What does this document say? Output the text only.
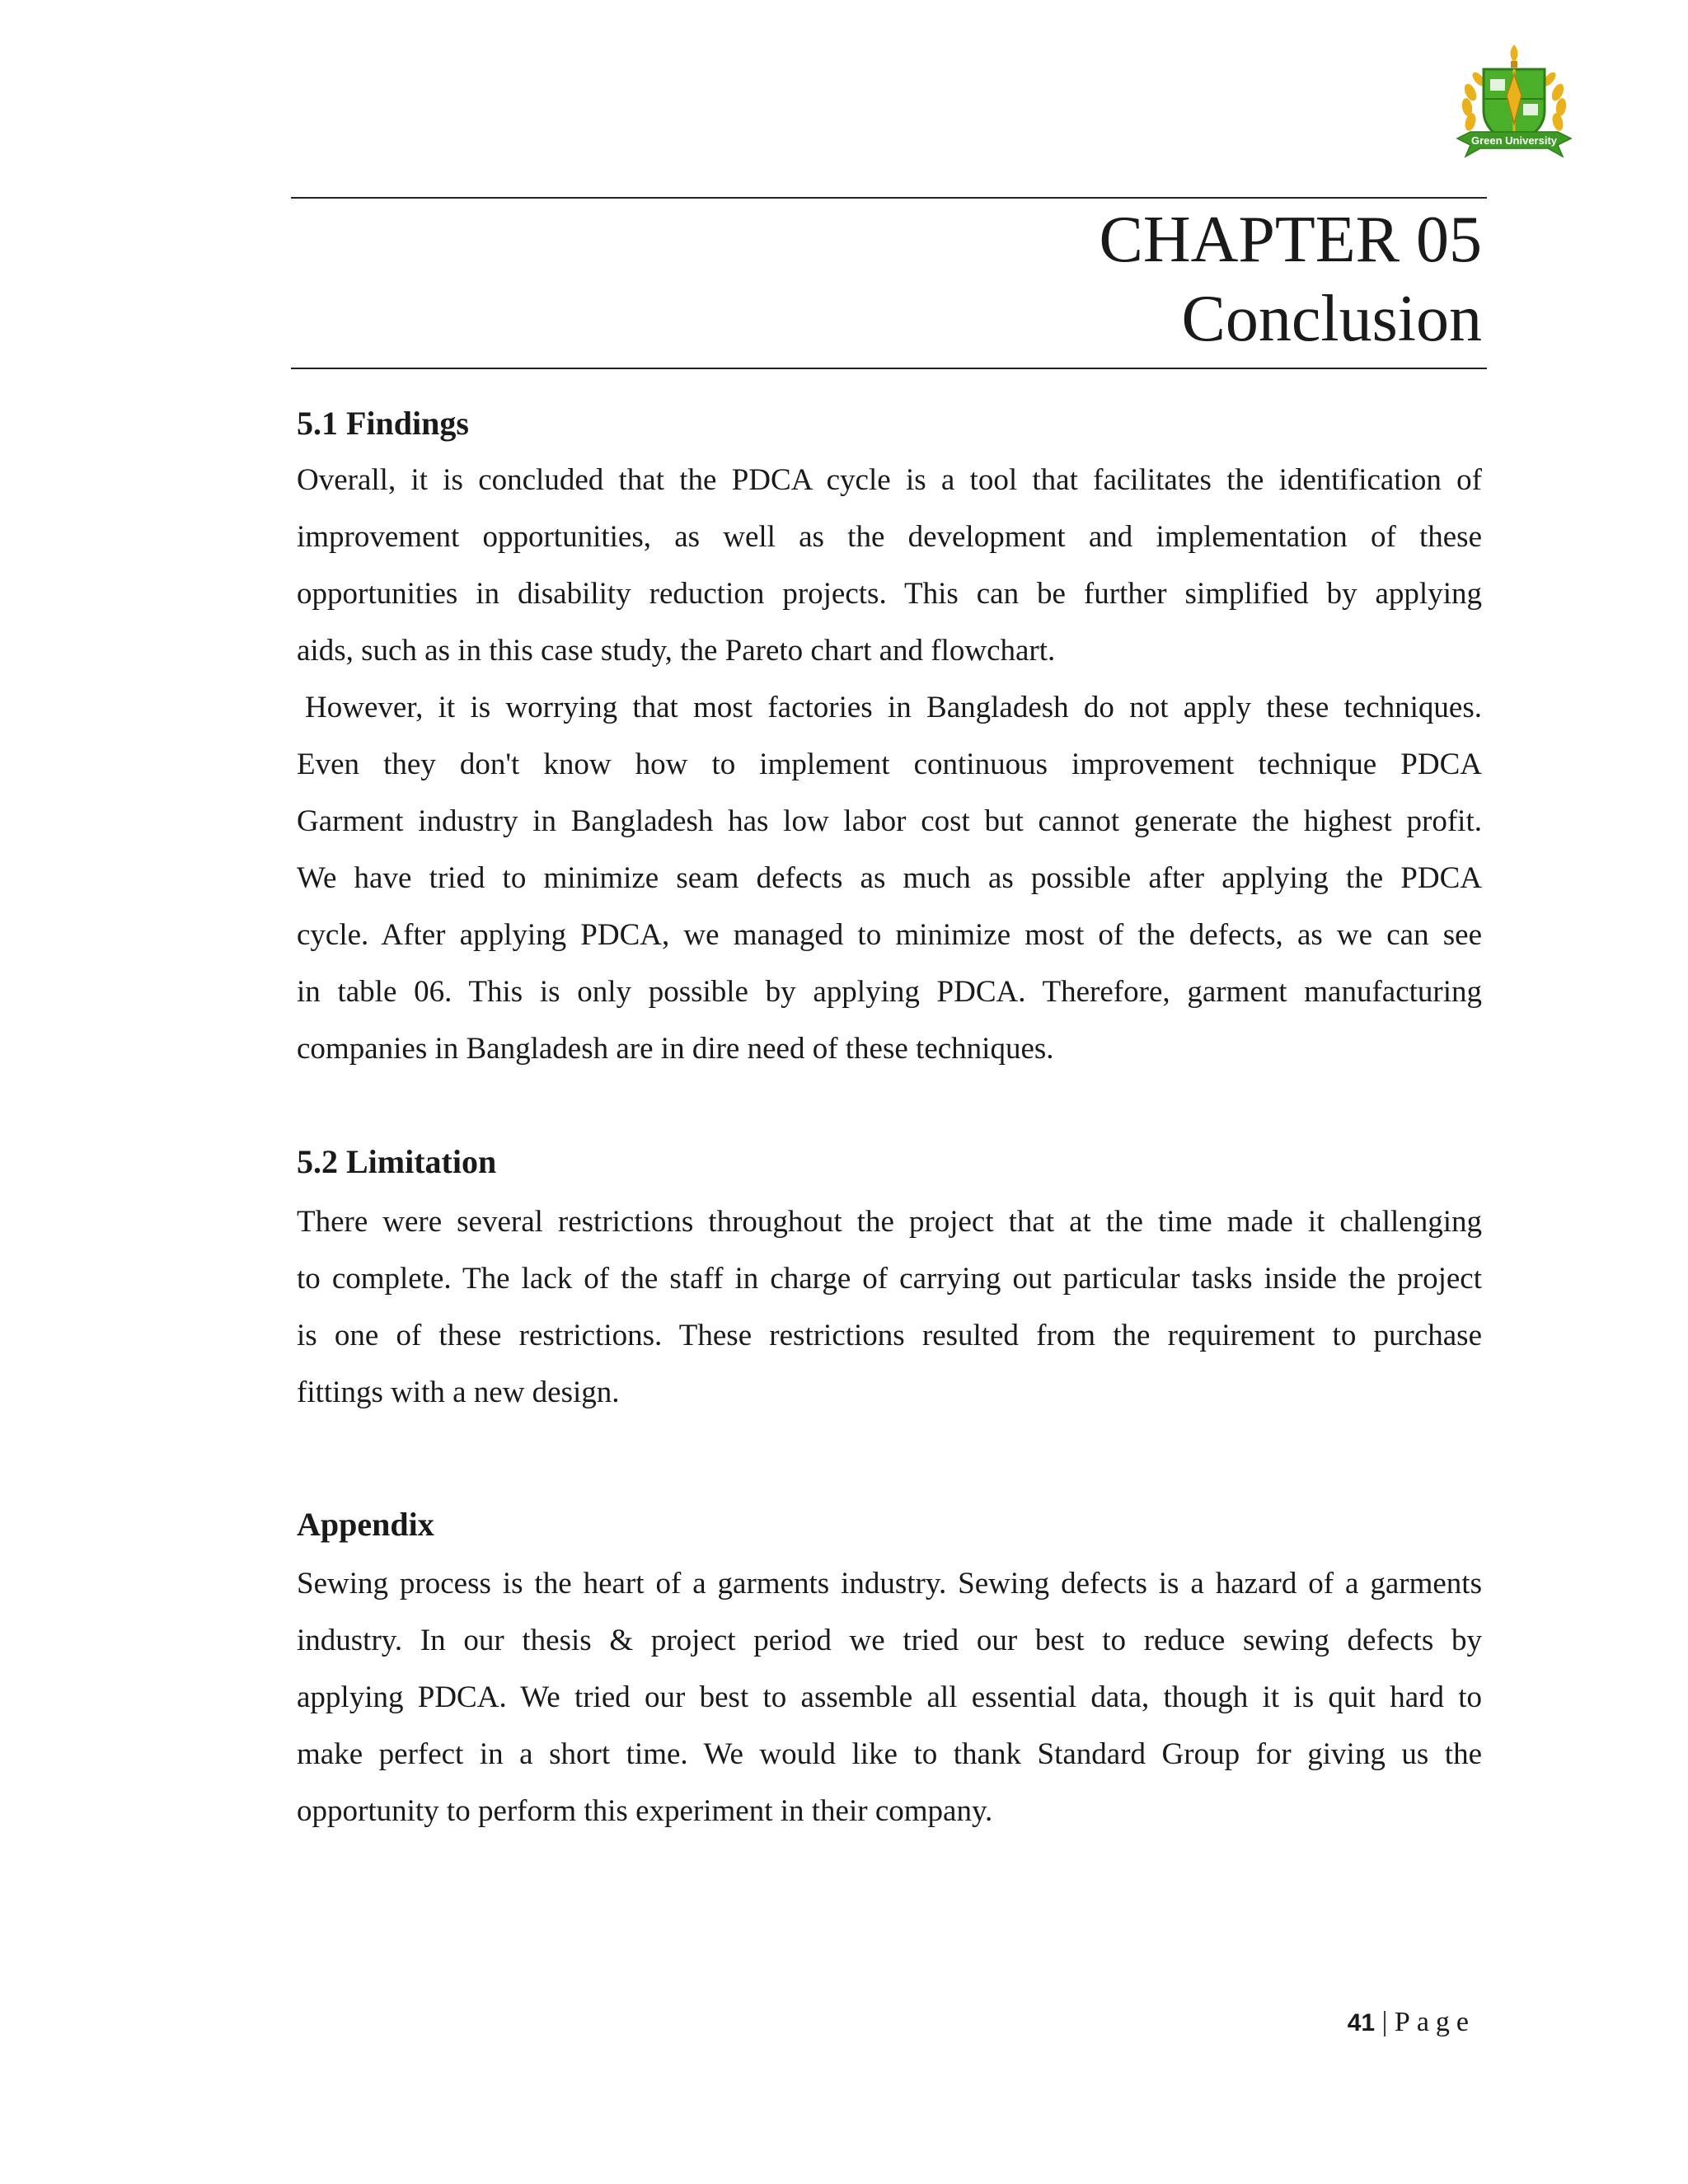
Green University
CHAPTER 05
Conclusion
5.1 Findings
Overall, it is concluded that the PDCA cycle is a tool that facilitates the identification of
improvement opportunities, as well as the development and implementation of these
opportunities in disability reduction projects. This can be further simplified by applying
aids, such as in this case study, the Pareto chart and flowchart.
However, it is worrying that most factories in Bangladesh do not apply these techniques.
Even they don't know how to implement continuous improvement technique PDCA
Garment industry in Bangladesh has low labor cost but cannot generate the highest profit.
We have tried to minimize seam defects as much as possible after applying the PDCA
cycle. After applying PDCA, we managed to minimize most of the defects, as we can see
in table 06. This is only possible by applying PDCA. Therefore, garment manufacturing
companies in Bangladesh are in dire need of these techniques.
5.2 Limitation
There were several restrictions throughout the project that at the time made it challenging
to complete. The lack of the staff in charge of carrying out particular tasks inside the project
is one of these restrictions. These restrictions resulted from the requirement to purchase
fittings with a new design.
Appendix
Sewing process is the heart of a garments industry. Sewing defects is a hazard of a garments
industry. In our thesis & project period we tried our best to reduce sewing defects by
applying PDCA. We tried our best to assemble all essential data, though it is quit hard to
make perfect in a short time. We would like to thank Standard Group for giving us the
opportunity to perform this experiment in their company.
41 | Page
